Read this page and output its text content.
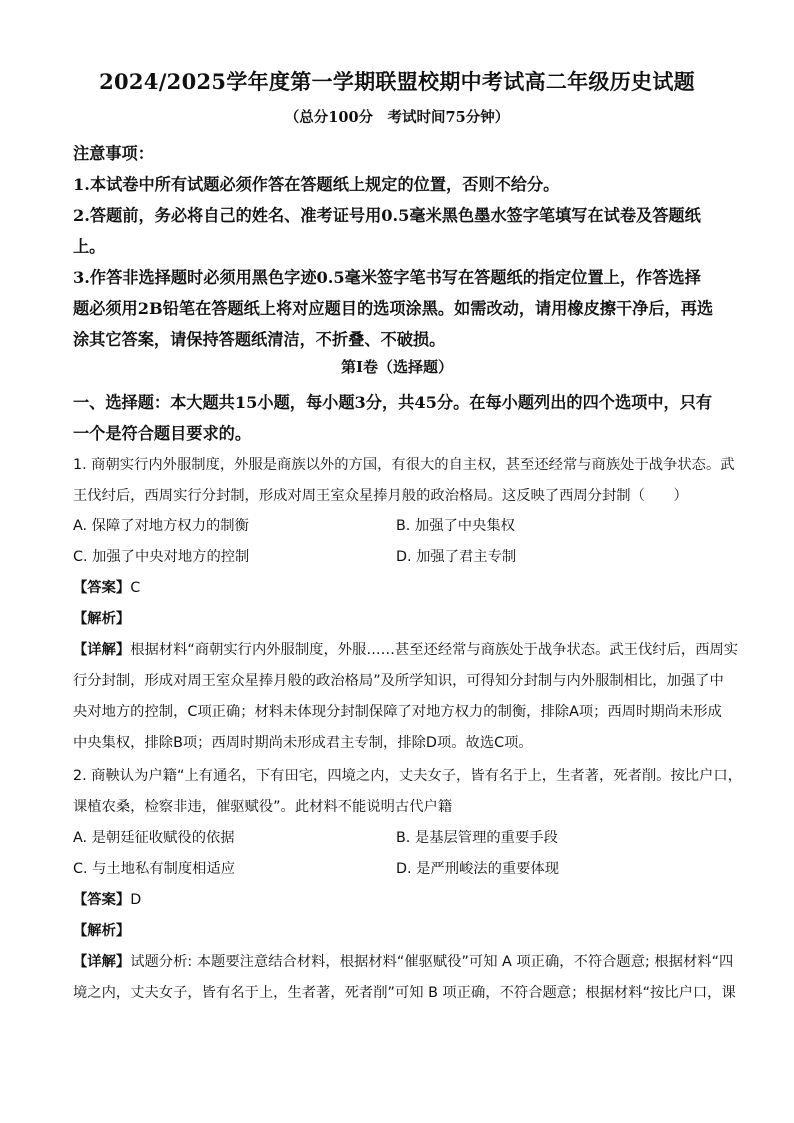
2024/2025学年度第一学期联盟校期中考试高二年级历史试题
（总分100分　考试时间75分钟）
注意事项：
1.本试卷中所有试题必须作答在答题纸上规定的位置，否则不给分。
2.答题前，务必将自己的姓名、准考证号用0.5毫米黑色墨水签字笔填写在试卷及答题纸
上。
3.作答非选择题时必须用黑色字迹0.5毫米签字笔书写在答题纸的指定位置上，作答选择
题必须用2B铅笔在答题纸上将对应题目的选项涂黑。如需改动，请用橡皮擦干净后，再选
涂其它答案，请保持答题纸清洁，不折叠、不破损。
第Ⅰ卷（选择题）
一、选择题：本大题共15小题，每小题3分，共45分。在每小题列出的四个选项中，只有
一个是符合题目要求的。
1. 商朝实行内外服制度，外服是商族以外的方国，有很大的自主权，甚至还经常与商族处于战争状态。武
王伐纣后，西周实行分封制，形成对周王室众星捧月般的政治格局。这反映了西周分封制（　　）
A. 保障了对地方权力的制衡	B. 加强了中央集权
C. 加强了中央对地方的控制	D. 加强了君主专制
【答案】C
【解析】
【详解】根据材料“商朝实行内外服制度，外服……甚至还经常与商族处于战争状态。武王伐纣后，西周实
行分封制，形成对周王室众星捧月般的政治格局”及所学知识，可得知分封制与内外服制相比，加强了中
央对地方的控制，C项正确；材料未体现分封制保障了对地方权力的制衡，排除A项；西周时期尚未形成
中央集权，排除B项；西周时期尚未形成君主专制，排除D项。故选C项。
2. 商鞅认为户籍“上有通名，下有田宅，四境之内，丈夫女子，皆有名于上，生者著，死者削。按比户口，
课植农桑，检察非违，催驱赋役”。此材料不能说明古代户籍
A. 是朝廷征收赋役的依据	B. 是基层管理的重要手段
C. 与土地私有制度相适应	D. 是严刑峻法的重要体现
【答案】D
【解析】
【详解】试题分析: 本题要注意结合材料，根据材料“催驱赋役”可知 A 项正确，不符合题意; 根据材料“四
境之内，丈夫女子，皆有名于上，生者著，死者削”可知 B 项正确，不符合题意；根据材料“按比户口，课
